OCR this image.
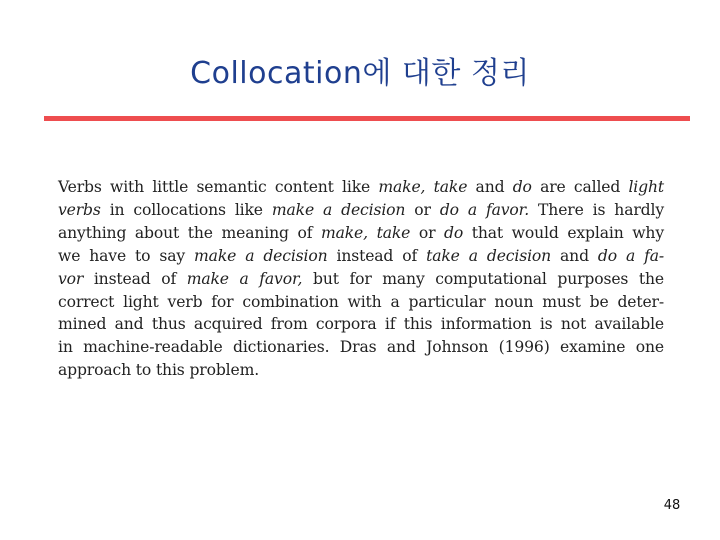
Collocation에 대한 정리

Verbs with little semantic content like make, take and do are called light
verbs in collocations like make a decision or do a favor. There is hardly
anything about the meaning of make, take or do that would explain why
we have to say make a decision instead of take a decision and do a fa-
vor instead of make a favor, but for many computational purposes the
correct light verb for combination with a particular noun must be deter-
mined and thus acquired from corpora if this information is not available
in machine-readable dictionaries. Dras and Johnson (1996) examine one
approach to this problem.

48
